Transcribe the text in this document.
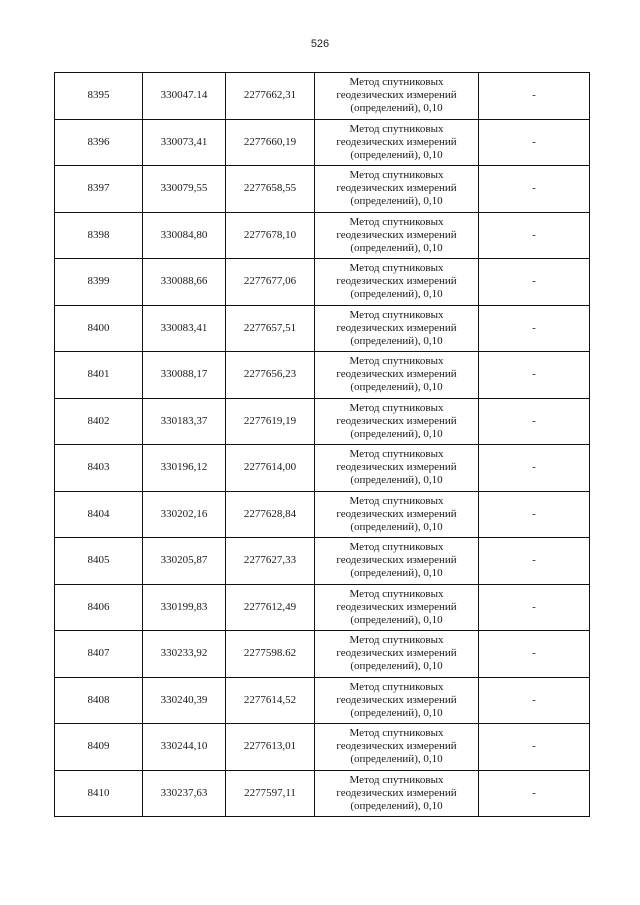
526
8395	330047.14	2277662,31	Метод спутниковых
геодезических измерений
(определений), 0,10	-
8396	330073,41	2277660,19	Метод спутниковых
геодезических измерений
(определений), 0,10	-
8397	330079,55	2277658,55	Метод спутниковых
геодезических измерений
(определений), 0,10	-
8398	330084,80	2277678,10	Метод спутниковых
геодезических измерений
(определений), 0,10	-
8399	330088,66	2277677,06	Метод спутниковых
геодезических измерений
(определений), 0,10	-
8400	330083,41	2277657,51	Метод спутниковых
геодезических измерений
(определений), 0,10	-
8401	330088,17	2277656,23	Метод спутниковых
геодезических измерений
(определений), 0,10	-
8402	330183,37	2277619,19	Метод спутниковых
геодезических измерений
(определений), 0,10	-
8403	330196,12	2277614,00	Метод спутниковых
геодезических измерений
(определений), 0,10	-
8404	330202,16	2277628,84	Метод спутниковых
геодезических измерений
(определений), 0,10	-
8405	330205,87	2277627,33	Метод спутниковых
геодезических измерений
(определений), 0,10	-
8406	330199,83	2277612,49	Метод спутниковых
геодезических измерений
(определений), 0,10	-
8407	330233,92	2277598.62	Метод спутниковых
геодезических измерений
(определений), 0,10	-
8408	330240,39	2277614,52	Метод спутниковых
геодезических измерений
(определений), 0,10	-
8409	330244,10	2277613,01	Метод спутниковых
геодезических измерений
(определений), 0,10	-
8410	330237,63	2277597,11	Метод спутниковых
геодезических измерений
(определений), 0,10	-
